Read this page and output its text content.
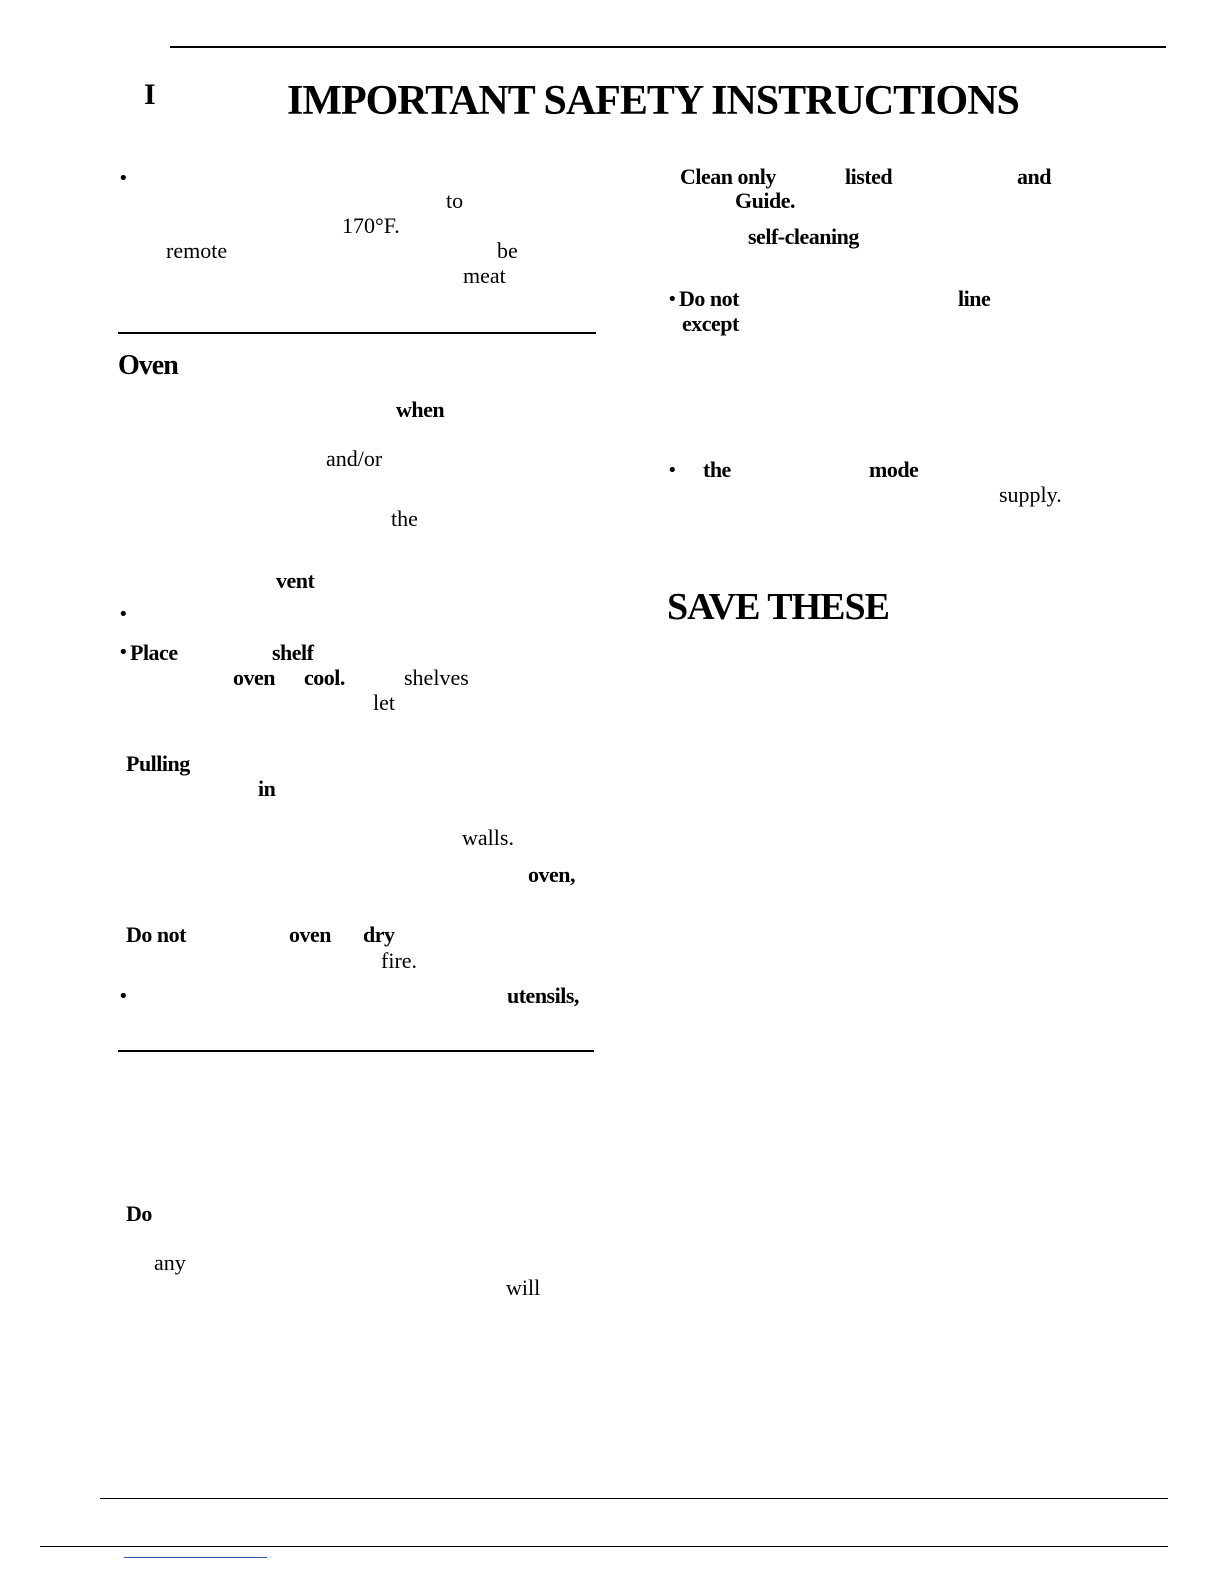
I	IMPORTANT SAFETY INSTRUCTIONS
•
to
170°F.
remote	be
meat
Oven
when
and/or
the
vent
•
• Place	shelf
oven cool.	shelves
let
Pulling
in
walls.
oven,
Do not	oven dry
fire.
•	utensils,
Do
any
will
Clean only	listed	and
Guide.
self-cleaning
• Do not	line
except
• the	mode
supply.
SAVE THESE
